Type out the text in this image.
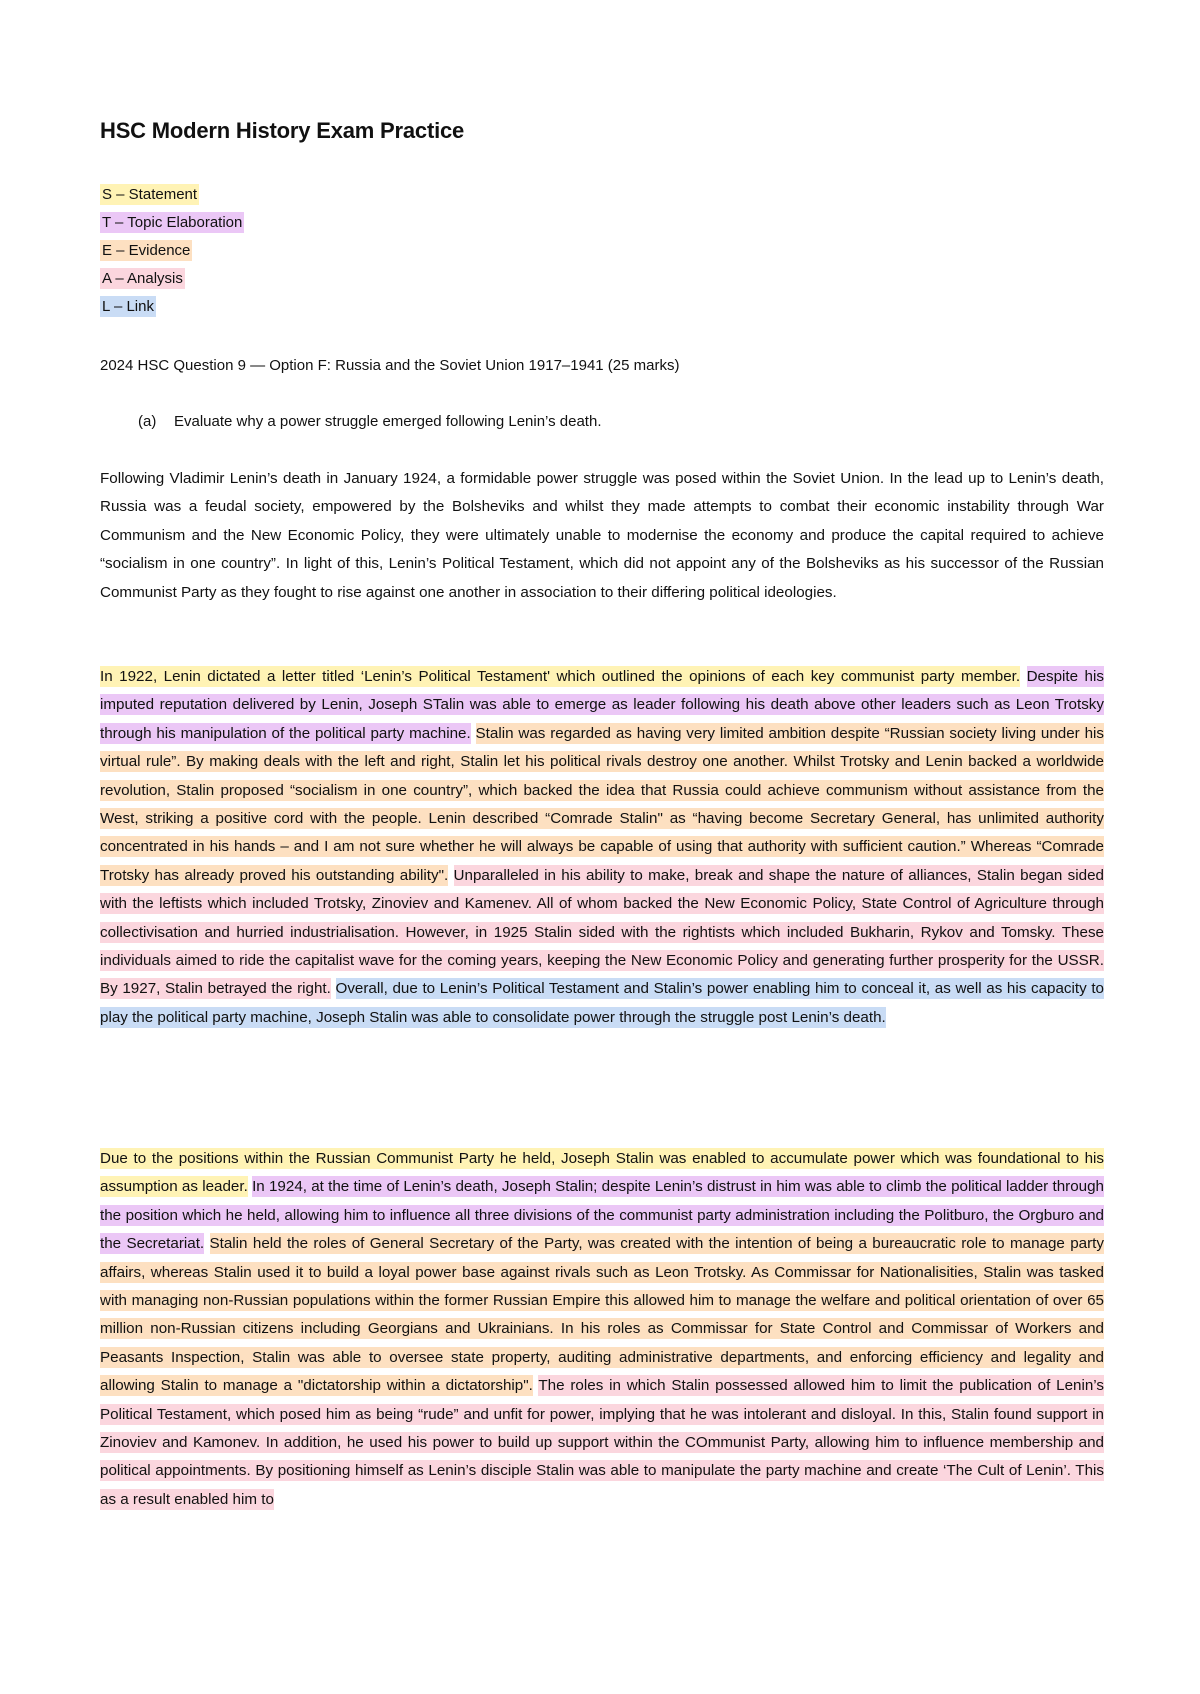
HSC Modern History Exam Practice
S – Statement
T – Topic Elaboration
E – Evidence
A – Analysis
L – Link

2024 HSC Question 9 — Option F: Russia and the Soviet Union 1917–1941 (25 marks)

(a) Evaluate why a power struggle emerged following Lenin’s death.

Following Vladimir Lenin’s death in January 1924, a formidable power struggle was posed within the Soviet Union. In the lead up to Lenin’s death, Russia was a feudal society, empowered by the Bolsheviks and whilst they made attempts to combat their economic instability through War Communism and the New Economic Policy, they were ultimately unable to modernise the economy and produce the capital required to achieve “socialism in one country”. In light of this, Lenin’s Political Testament, which did not appoint any of the Bolsheviks as his successor of the Russian Communist Party as they fought to rise against one another in association to their differing political ideologies.

In 1922, Lenin dictated a letter titled ‘Lenin’s Political Testament' which outlined the opinions of each key communist party member. Despite his imputed reputation delivered by Lenin, Joseph STalin was able to emerge as leader following his death above other leaders such as Leon Trotsky through his manipulation of the political party machine. Stalin was regarded as having very limited ambition despite “Russian society living under his virtual rule”. By making deals with the left and right, Stalin let his political rivals destroy one another. Whilst Trotsky and Lenin backed a worldwide revolution, Stalin proposed “socialism in one country”, which backed the idea that Russia could achieve communism without assistance from the West, striking a positive cord with the people. Lenin described “Comrade Stalin" as “having become Secretary General, has unlimited authority concentrated in his hands – and I am not sure whether he will always be capable of using that authority with sufficient caution.” Whereas “Comrade Trotsky has already proved his outstanding ability". Unparalleled in his ability to make, break and shape the nature of alliances, Stalin began sided with the leftists which included Trotsky, Zinoviev and Kamenev. All of whom backed the New Economic Policy, State Control of Agriculture through collectivisation and hurried industrialisation. However, in 1925 Stalin sided with the rightists which included Bukharin, Rykov and Tomsky. These individuals aimed to ride the capitalist wave for the coming years, keeping the New Economic Policy and generating further prosperity for the USSR. By 1927, Stalin betrayed the right. Overall, due to Lenin’s Political Testament and Stalin’s power enabling him to conceal it, as well as his capacity to play the political party machine, Joseph Stalin was able to consolidate power through the struggle post Lenin’s death.

Due to the positions within the Russian Communist Party he held, Joseph Stalin was enabled to accumulate power which was foundational to his assumption as leader. In 1924, at the time of Lenin’s death, Joseph Stalin; despite Lenin’s distrust in him was able to climb the political ladder through the position which he held, allowing him to influence all three divisions of the communist party administration including the Politburo, the Orgburo and the Secretariat. Stalin held the roles of General Secretary of the Party, was created with the intention of being a bureaucratic role to manage party affairs, whereas Stalin used it to build a loyal power base against rivals such as Leon Trotsky. As Commissar for Nationalisities, Stalin was tasked with managing non-Russian populations within the former Russian Empire this allowed him to manage the welfare and political orientation of over 65 million non-Russian citizens including Georgians and Ukrainians. In his roles as Commissar for State Control and Commissar of Workers and Peasants Inspection, Stalin was able to oversee state property, auditing administrative departments, and enforcing efficiency and legality and allowing Stalin to manage a "dictatorship within a dictatorship". The roles in which Stalin possessed allowed him to limit the publication of Lenin’s Political Testament, which posed him as being “rude” and unfit for power, implying that he was intolerant and disloyal. In this, Stalin found support in Zinoviev and Kamonev. In addition, he used his power to build up support within the COmmunist Party, allowing him to influence membership and political appointments. By positioning himself as Lenin’s disciple Stalin was able to manipulate the party machine and create ‘The Cult of Lenin’. This as a result enabled him to
